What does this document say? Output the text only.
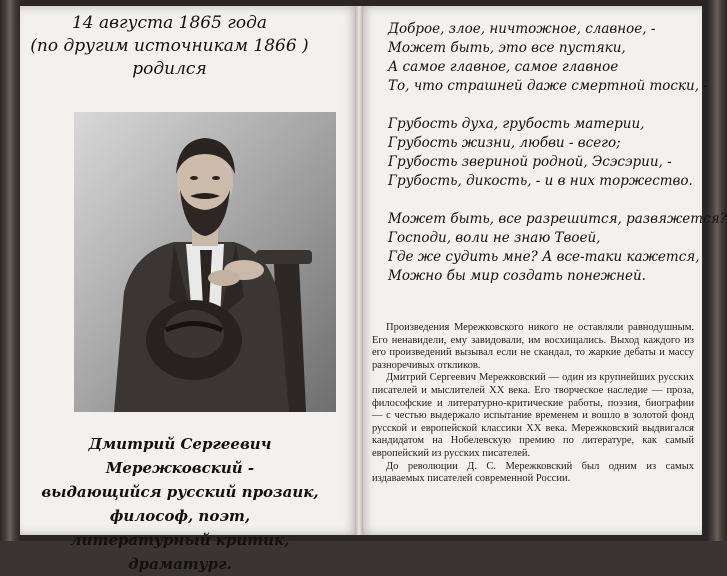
14 августа 1865 года
(по другим источникам 1866 )
родился
Дмитрий Сергеевич Мережковский -
выдающийся русский прозаик, философ, поэт,
литературный критик, драматург.
Доброе, злое, ничтожное, славное, -
Может быть, это все пустяки,
А самое главное, самое главное
То, что страшней даже смертной тоски, -
Грубость духа, грубость материи,
Грубость жизни, любви - всего;
Грубость звериной родной, Эсэсэрии, -
Грубость, дикость, - и в них торжество.
Может быть, все разрешится, развяжется?
Господи, воли не знаю Твоей,
Где же судить мне? А все-таки кажется,
Можно бы мир создать понежней.

Произведения Мережковского никого не оставляли равнодушным. Его ненавидели, ему завидовали, им восхищались. Выход каждого из его произведений вызывал если не скандал, то жаркие дебаты и массу разноречивых откликов.

Дмитрий Сергеевич Мережковский — один из крупнейших русских писателей и мыслителей XX века. Его творческое наследие — проза, философские и литературно-критические работы, поэзия, биографии — с честью выдержало испытание временем и вошло в золотой фонд русской и европейской классики XX века. Мережковский выдвигался кандидатом на Нобелевскую премию по литературе, как самый европейский из русских писателей.

До революции Д. С. Мережковский был одним из самых издаваемых писателей современной России.
